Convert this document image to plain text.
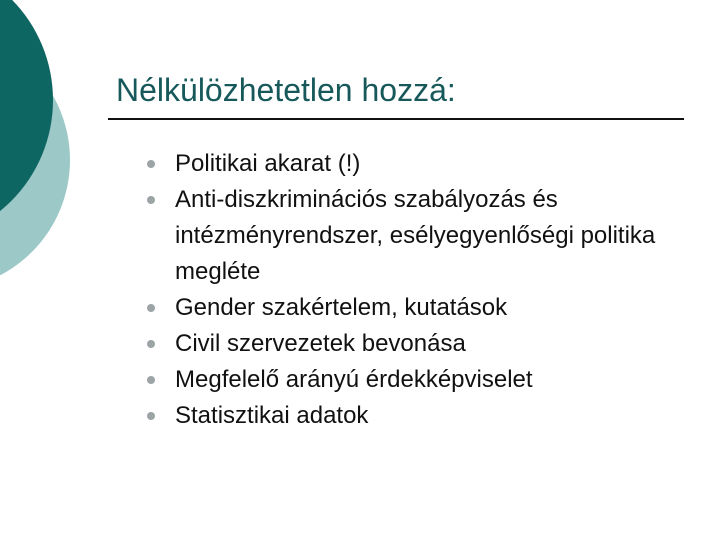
Nélkülözhetetlen hozzá:
Politikai akarat (!)
Anti-diszkriminációs szabályozás és intézményrendszer, esélyegyenlőségi politika megléte
Gender szakértelem, kutatások
Civil szervezetek bevonása
Megfelelő arányú érdekképviselet
Statisztikai adatok
